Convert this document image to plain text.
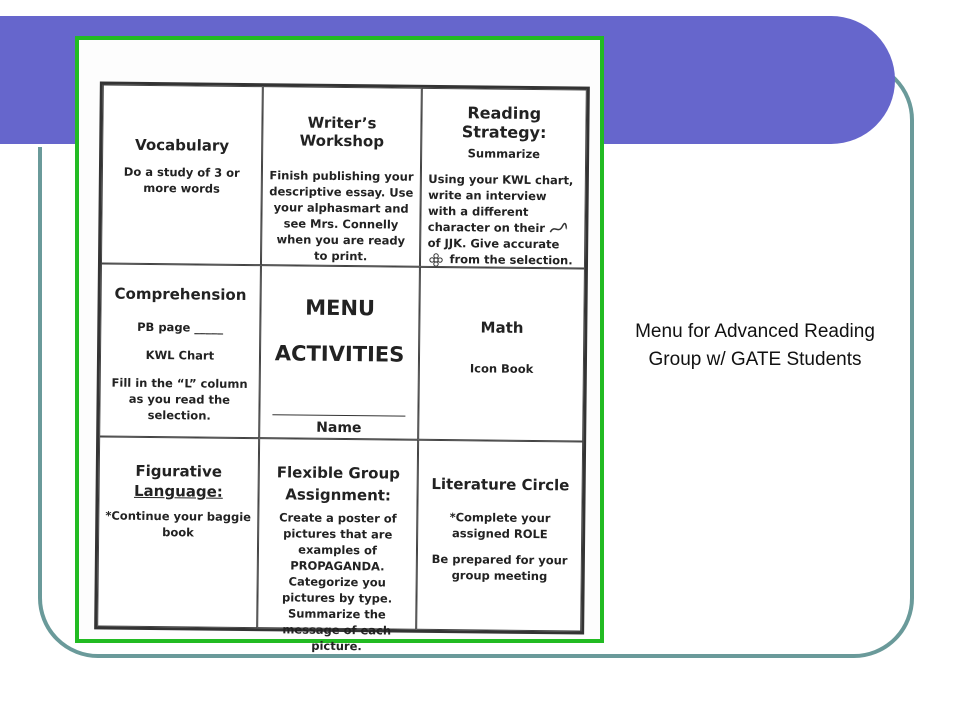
Vocabulary
Do a study of 3 or more words
Writer’s Workshop
Finish publishing your descriptive essay. Use your alphasmart and see Mrs. Connelly when you are ready to print.
Reading Strategy:
Summarize
Using your KWL chart, write an interview with a different character on their  of JJK. Give accurate  from the selection.
Comprehension
PB page _____
KWL Chart
Fill in the “L” column as you read the selection.
MENU
ACTIVITIES
Name
Math
Icon Book
Figurative
Language:
*Continue your baggie book
Flexible Group
Assignment:
Create a poster of pictures that are examples of PROPAGANDA. Categorize you pictures by type. Summarize the message of each picture.
Literature Circle
*Complete your assigned ROLE
Be prepared for your group meeting
Menu for Advanced Reading Group w/ GATE Students
